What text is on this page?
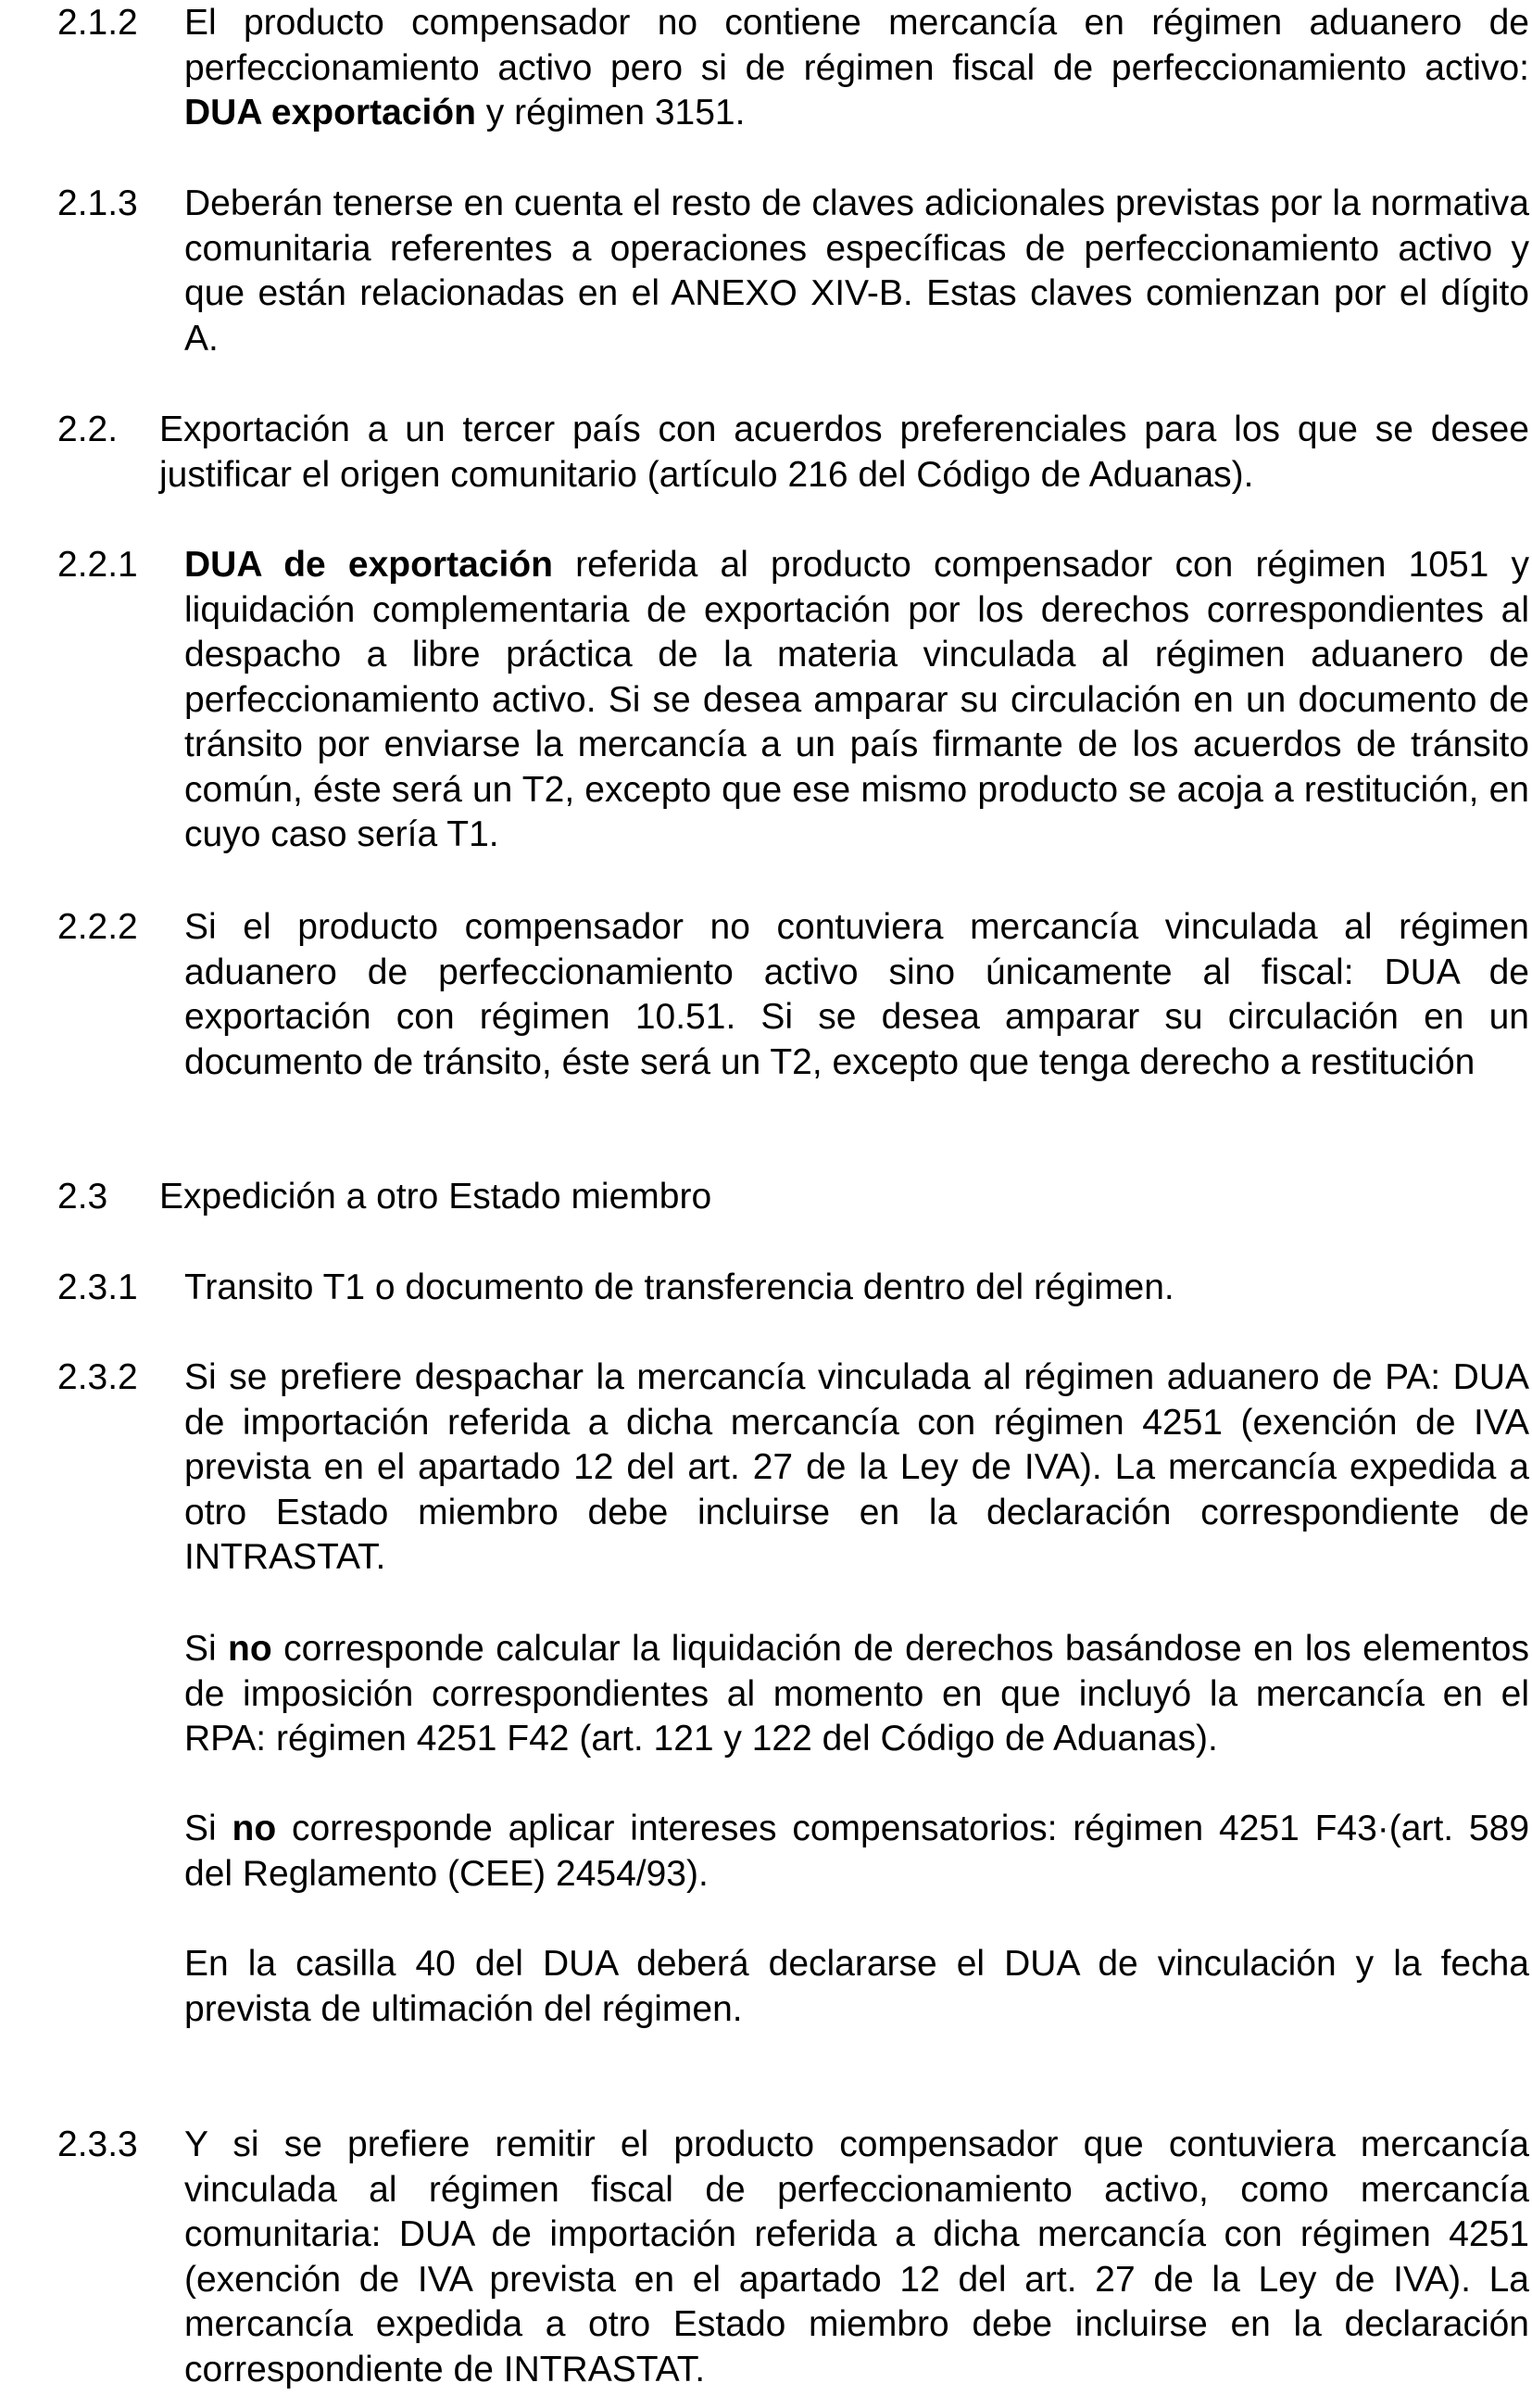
2.1.2 El producto compensador no contiene mercancía en régimen aduanero de perfeccionamiento activo pero si de régimen fiscal de perfeccionamiento activo: DUA exportación y régimen 3151.
2.1.3 Deberán tenerse en cuenta el resto de claves adicionales previstas por la normativa comunitaria referentes a operaciones específicas de perfeccionamiento activo y que están relacionadas en el ANEXO XIV-B. Estas claves comienzan por el dígito A.
2.2. Exportación a un tercer país con acuerdos preferenciales para los que se desee justificar el origen comunitario (artículo 216 del Código de Aduanas).
2.2.1 DUA de exportación referida al producto compensador con régimen 1051 y liquidación complementaria de exportación por los derechos correspondientes al despacho a libre práctica de la materia vinculada al régimen aduanero de perfeccionamiento activo. Si se desea amparar su circulación en un documento de tránsito por enviarse la mercancía a un país firmante de los acuerdos de tránsito común, éste será un T2, excepto que ese mismo producto se acoja a restitución, en cuyo caso sería T1.
2.2.2 Si el producto compensador no contuviera mercancía vinculada al régimen aduanero de perfeccionamiento activo sino únicamente al fiscal: DUA de exportación con régimen 10.51. Si se desea amparar su circulación en un documento de tránsito, éste será un T2, excepto que tenga derecho a restitución
2.3 Expedición a otro Estado miembro
2.3.1 Transito T1 o documento de transferencia dentro del régimen.
2.3.2 Si se prefiere despachar la mercancía vinculada al régimen aduanero de PA: DUA de importación referida a dicha mercancía con régimen 4251 (exención de IVA prevista en el apartado 12 del art. 27 de la Ley de IVA). La mercancía expedida a otro Estado miembro debe incluirse en la declaración correspondiente de INTRASTAT.
Si no corresponde calcular la liquidación de derechos basándose en los elementos de imposición correspondientes al momento en que incluyó la mercancía en el RPA: régimen 4251 F42 (art. 121 y 122 del Código de Aduanas).
Si no corresponde aplicar intereses compensatorios: régimen 4251 F43·(art. 589 del Reglamento (CEE) 2454/93).
En la casilla 40 del DUA deberá declararse el DUA de vinculación y la fecha prevista de ultimación del régimen.
2.3.3 Y si se prefiere remitir el producto compensador que contuviera mercancía vinculada al régimen fiscal de perfeccionamiento activo, como mercancía comunitaria: DUA de importación referida a dicha mercancía con régimen 4251 (exención de IVA prevista en el apartado 12 del art. 27 de la Ley de IVA). La mercancía expedida a otro Estado miembro debe incluirse en la declaración correspondiente de INTRASTAT.
